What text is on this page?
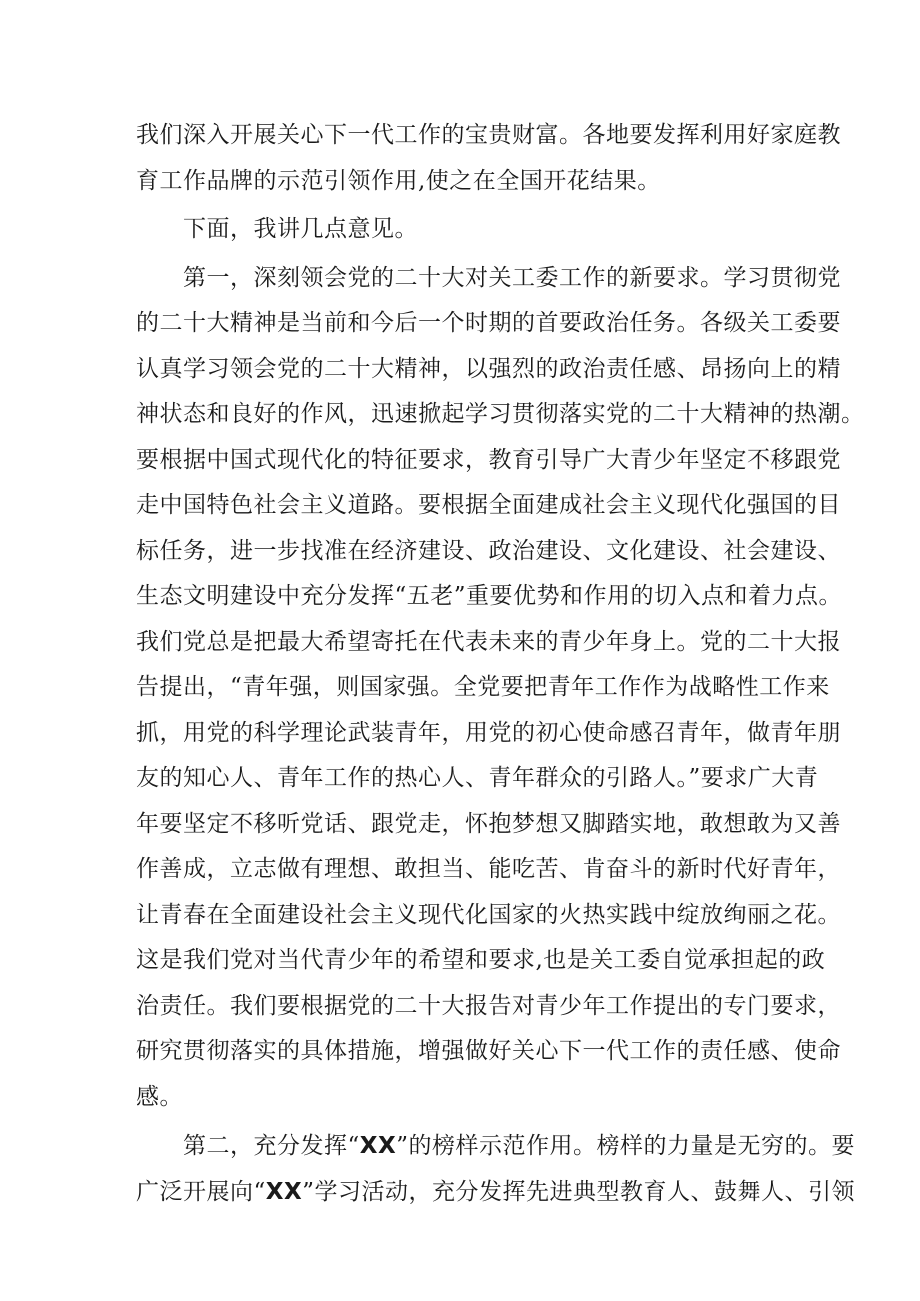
我们深入开展关心下一代工作的宝贵财富。各地要发挥利用好家庭教

育工作品牌的示范引领作用,使之在全国开花结果。

下面，我讲几点意见。

第一，深刻领会党的二十大对关工委工作的新要求。学习贯彻党

的二十大精神是当前和今后一个时期的首要政治任务。各级关工委要

认真学习领会党的二十大精神，以强烈的政治责任感、昂扬向上的精

神状态和良好的作风，迅速掀起学习贯彻落实党的二十大精神的热潮。

要根据中国式现代化的特征要求，教育引导广大青少年坚定不移跟党

走中国特色社会主义道路。要根据全面建成社会主义现代化强国的目

标任务，进一步找准在经济建设、政治建设、文化建设、社会建设、

生态文明建设中充分发挥“五老”重要优势和作用的切入点和着力点。

我们党总是把最大希望寄托在代表未来的青少年身上。党的二十大报

告提出，“青年强，则国家强。全党要把青年工作作为战略性工作来

抓，用党的科学理论武装青年，用党的初心使命感召青年，做青年朋

友的知心人、青年工作的热心人、青年群众的引路人。”要求广大青

年要坚定不移听党话、跟党走，怀抱梦想又脚踏实地，敢想敢为又善

作善成，立志做有理想、敢担当、能吃苦、肯奋斗的新时代好青年，

让青春在全面建设社会主义现代化国家的火热实践中绽放绚丽之花。

这是我们党对当代青少年的希望和要求,也是关工委自觉承担起的政

治责任。我们要根据党的二十大报告对青少年工作提出的专门要求，

研究贯彻落实的具体措施，增强做好关心下一代工作的责任感、使命

感。

第二，充分发挥“XX”的榜样示范作用。榜样的力量是无穷的。要

广泛开展向“XX”学习活动，充分发挥先进典型教育人、鼓舞人、引领
